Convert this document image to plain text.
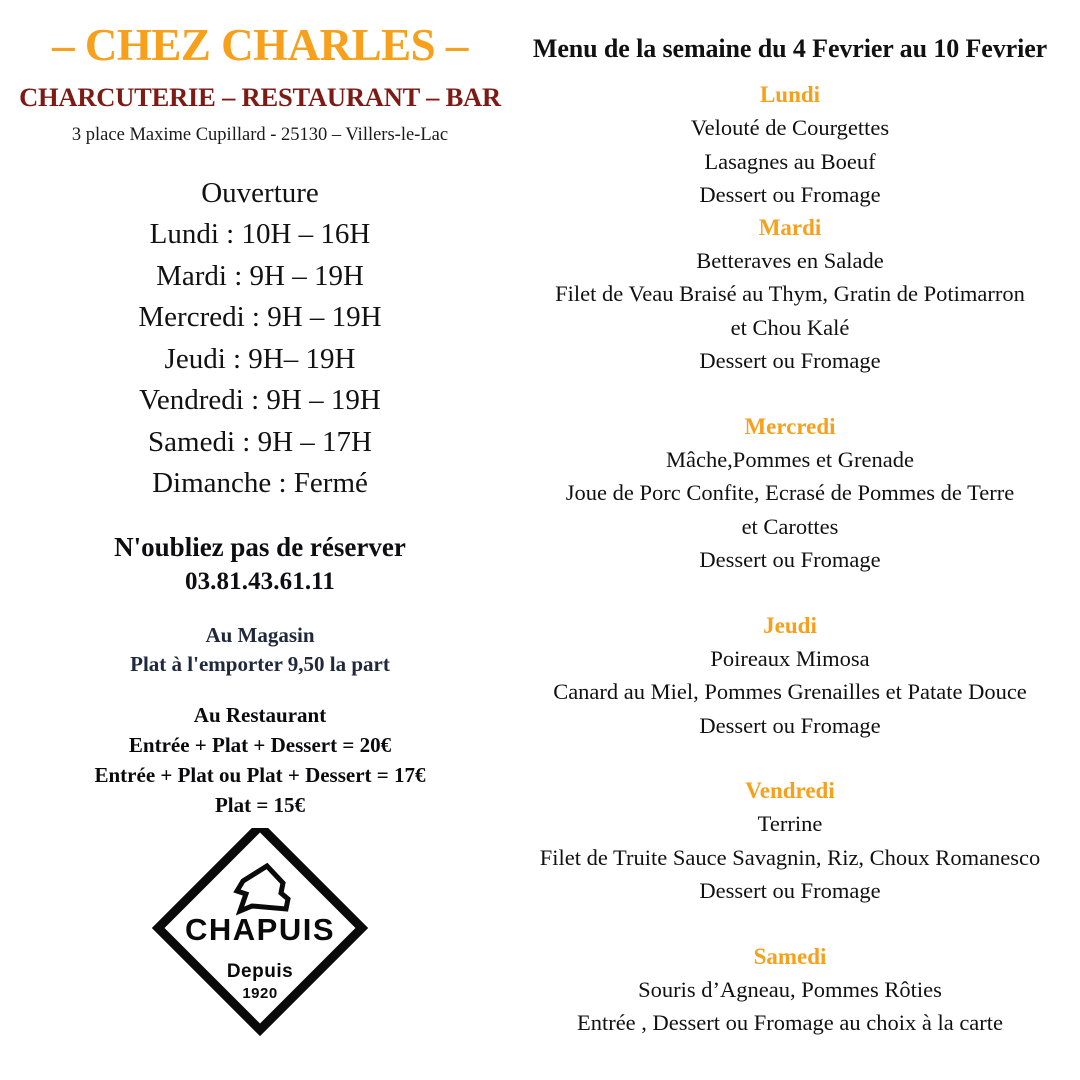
– CHEZ CHARLES –
CHARCUTERIE – RESTAURANT – BAR

3 place Maxime Cupillard - 25130 – Villers-le-Lac

Ouverture
Lundi : 10H – 16H
Mardi : 9H – 19H
Mercredi : 9H – 19H
Jeudi : 9H– 19H
Vendredi : 9H – 19H
Samedi : 9H – 17H
Dimanche : Fermé
N'oubliez pas de réserver
03.81.43.61.11
Au Magasin
Plat à l'emporter 9,50 la part
Au Restaurant
Entrée + Plat + Dessert = 20€
Entrée + Plat ou Plat + Dessert = 17€
Plat = 15€
CHAPUIS
Depuis
1920
Menu de la semaine du 4 Fevrier au 10 Fevrier
Lundi
Velouté de Courgettes
Lasagnes au Boeuf
Dessert ou Fromage
Mardi
Betteraves en Salade
Filet de Veau Braisé au Thym, Gratin de Potimarron
et Chou Kalé
Dessert ou Fromage
Mercredi
Mâche,Pommes et Grenade
Joue de Porc Confite, Ecrasé de Pommes de Terre
et Carottes
Dessert ou Fromage
Jeudi
Poireaux Mimosa
Canard au Miel, Pommes Grenailles et Patate Douce
Dessert ou Fromage
Vendredi
Terrine
Filet de Truite Sauce Savagnin, Riz, Choux Romanesco
Dessert ou Fromage
Samedi
Souris d’Agneau, Pommes Rôties
Entrée , Dessert ou Fromage au choix à la carte
